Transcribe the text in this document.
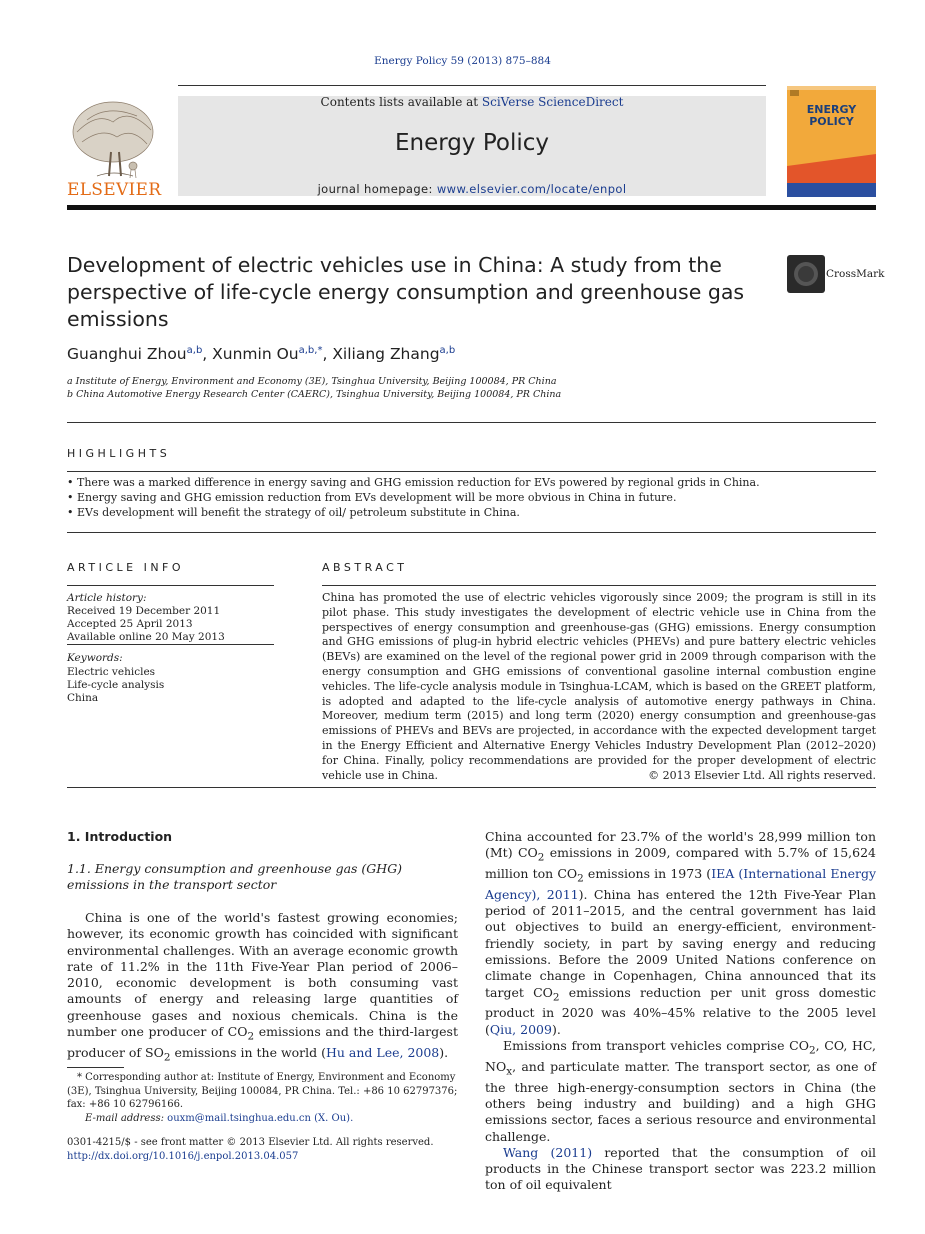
Energy Policy 59 (2013) 875–884
Contents lists available at SciVerse ScienceDirect
Energy Policy
journal homepage: www.elsevier.com/locate/enpol
ELSEVIER
ENERGY POLICY
Development of electric vehicles use in China: A study from the perspective of life-cycle energy consumption and greenhouse gas emissions
CrossMark
Guanghui Zhou$^{a,b}$, Xunmin $Ou^{a,b,*}$, Xiliang Zhang$^{a,b}$
a Institute of Energy, Environment and Economy (3E), Tsinghua University, Beijing 100084, PR China
b China Automotive Energy Research Center (CAERC), Tsinghua University, Beijing 100084, PR China
HIGHLIGHTS
• There was a marked difference in energy saving and GHG emission reduction for EVs powered by regional grids in China.
• Energy saving and GHG emission reduction from EVs development will be more obvious in China in future.
• EVs development will benefit the strategy of oil/ petroleum substitute in China.
ARTICLE INFO
Article history:
Received 19 December 2011
Accepted 25 April 2013
Available online 20 May 2013
Keywords:
Electric vehicles
Life-cycle analysis
China
ABSTRACT
China has promoted the use of electric vehicles vigorously since 2009; the program is still in its pilot phase. This study investigates the development of electric vehicle use in China from the perspectives of energy consumption and greenhouse-gas (GHG) emissions. Energy consumption and GHG emissions of plug-in hybrid electric vehicles (PHEVs) and pure battery electric vehicles (BEVs) are examined on the level of the regional power grid in 2009 through comparison with the energy consumption and GHG emissions of conventional gasoline internal combustion engine vehicles. The life-cycle analysis module in Tsinghua-LCAM, which is based on the GREET platform, is adopted and adapted to the life-cycle analysis of automotive energy pathways in China. Moreover, medium term (2015) and long term (2020) energy consumption and greenhouse-gas emissions of PHEVs and BEVs are projected, in accordance with the expected development target in the Energy Efficient and Alternative Energy Vehicles Industry Development Plan (2012–2020) for China. Finally, policy recommendations are provided for the proper development of electric vehicle use in China.	© 2013 Elsevier Ltd. All rights reserved.
1. Introduction
1.1. Energy consumption and greenhouse gas (GHG) emissions in the transport sector
China is one of the world's fastest growing economies; however, its economic growth has coincided with significant environmental challenges. With an average economic growth rate of 11.2% in the 11th Five-Year Plan period of 2006–2010, economic development is both consuming vast amounts of energy and releasing large quantities of greenhouse gases and noxious chemicals. China is the number one producer of $CO_2$ emissions and the third-largest producer of $SO_2$ emissions in the world (Hu and Lee, 2008).
China accounted for 23.7% of the world's 28,999 million ton (Mt) $CO_2$ emissions in 2009, compared with 5.7% of 15,624 million ton $CO_2$ emissions in 1973 (IEA (International Energy Agency), 2011). China has entered the 12th Five-Year Plan period of 2011–2015, and the central government has laid out objectives to build an energy-efficient, environment-friendly society, in part by saving energy and reducing emissions. Before the 2009 United Nations conference on climate change in Copenhagen, China announced that its target $CO_2$ emissions reduction per unit gross domestic product in 2020 was 40%–45% relative to the 2005 level (Qiu, 2009).
Emissions from transport vehicles comprise $CO_2$, CO, HC, $NO_x$, and particulate matter. The transport sector, as one of the three high-energy-consumption sectors in China (the others being industry and building) and a high GHG emissions sector, faces a serious resource and environmental challenge.
Wang (2011) reported that the consumption of oil products in the Chinese transport sector was 223.2 million ton of oil equivalent
* Corresponding author at: Institute of Energy, Environment and Economy (3E), Tsinghua University, Beijing 100084, PR China. Tel.: +86 10 62797376; fax: +86 10 62796166.
E-mail address: ouxm@mail.tsinghua.edu.cn (X. Ou).
0301-4215/$ - see front matter © 2013 Elsevier Ltd. All rights reserved.
http://dx.doi.org/10.1016/j.enpol.2013.04.057
